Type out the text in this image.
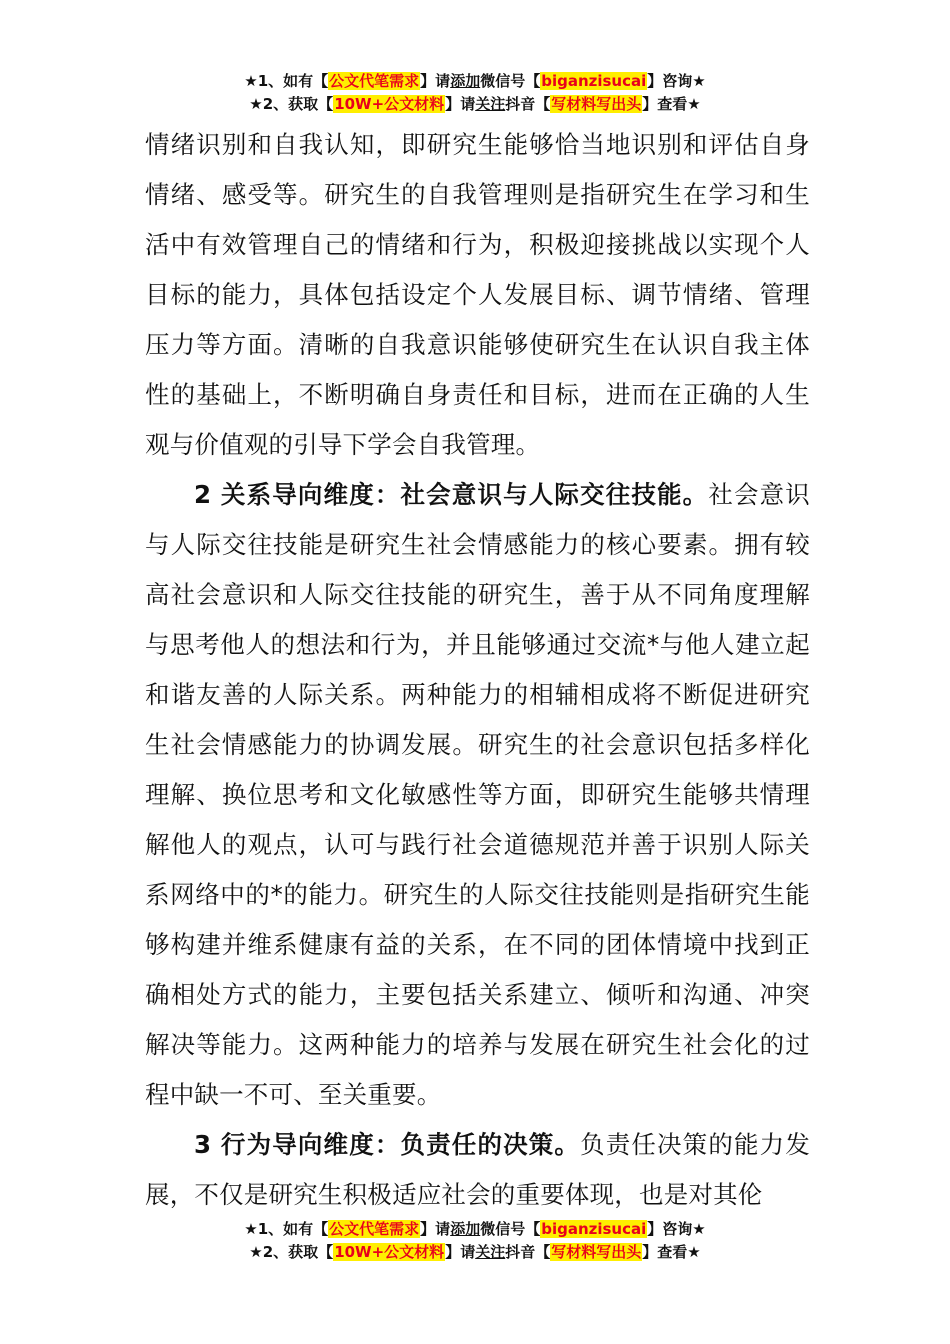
★1、如有【公文代笔需求】请添加微信号【biganzisucai】咨询★
★2、获取【10W+公文材料】请关注抖音【写材料写出头】查看★

情绪识别和自我认知，即研究生能够恰当地识别和评估自身情绪、感受等。研究生的自我管理则是指研究生在学习和生活中有效管理自己的情绪和行为，积极迎接挑战以实现个人目标的能力，具体包括设定个人发展目标、调节情绪、管理压力等方面。清晰的自我意识能够使研究生在认识自我主体性的基础上，不断明确自身责任和目标，进而在正确的人生观与价值观的引导下学会自我管理。

2 关系导向维度：社会意识与人际交往技能。社会意识与人际交往技能是研究生社会情感能力的核心要素。拥有较高社会意识和人际交往技能的研究生，善于从不同角度理解与思考他人的想法和行为，并且能够通过交流*与他人建立起和谐友善的人际关系。两种能力的相辅相成将不断促进研究生社会情感能力的协调发展。研究生的社会意识包括多样化理解、换位思考和文化敏感性等方面，即研究生能够共情理解他人的观点，认可与践行社会道德规范并善于识别人际关系网络中的*的能力。研究生的人际交往技能则是指研究生能够构建并维系健康有益的关系，在不同的团体情境中找到正确相处方式的能力，主要包括关系建立、倾听和沟通、冲突解决等能力。这两种能力的培养与发展在研究生社会化的过程中缺一不可、至关重要。

3 行为导向维度：负责任的决策。负责任决策的能力发展，不仅是研究生积极适应社会的重要体现，也是对其伦

★1、如有【公文代笔需求】请添加微信号【biganzisucai】咨询★
★2、获取【10W+公文材料】请关注抖音【写材料写出头】查看★
